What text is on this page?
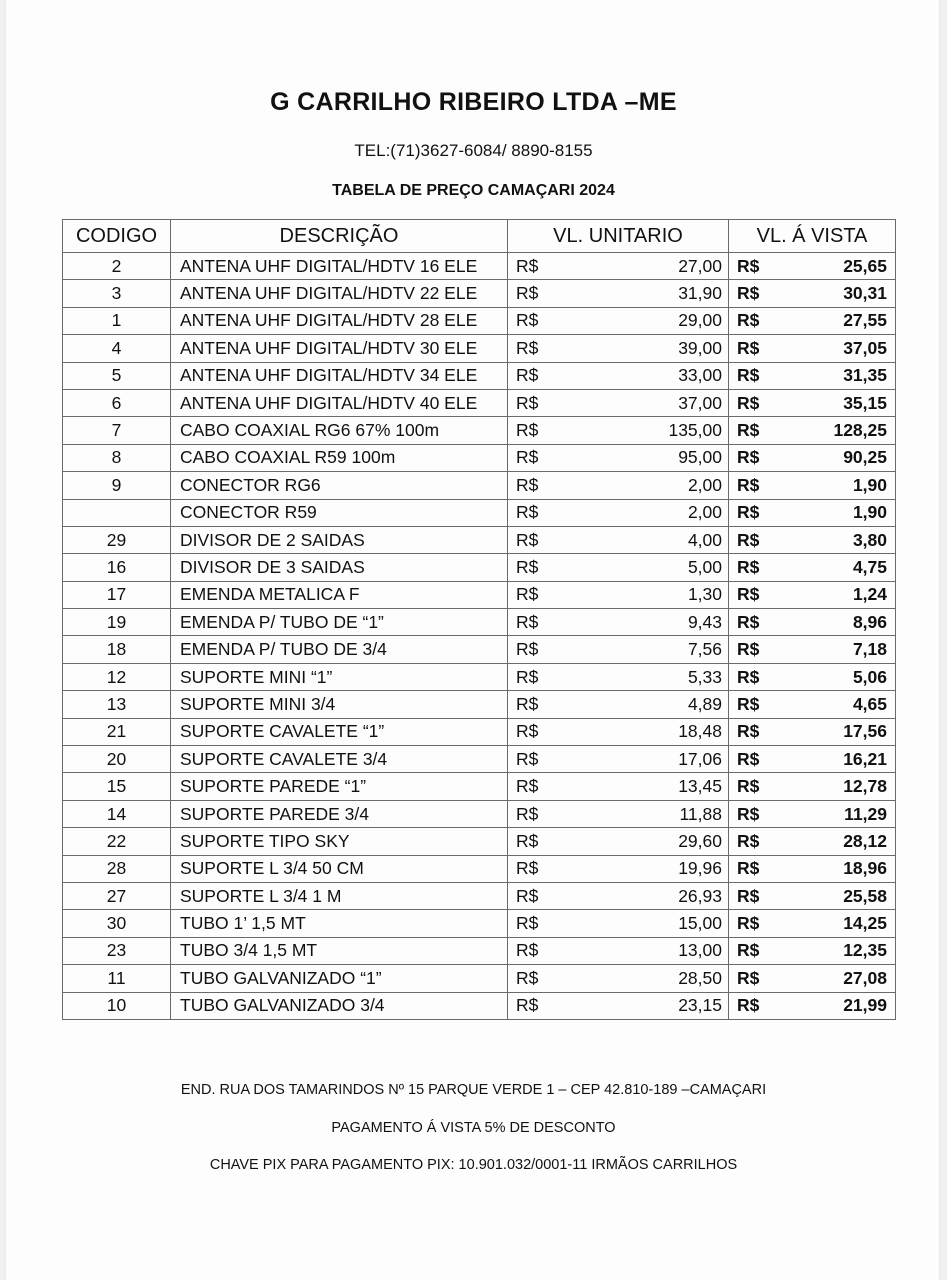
G CARRILHO RIBEIRO LTDA –ME
TEL:(71)3627-6084/ 8890-8155
TABELA DE PREÇO CAMAÇARI 2024
CODIGO	DESCRIÇÃO	VL. UNITARIO	VL. Á VISTA
2	ANTENA UHF DIGITAL/HDTV 16 ELE	R$ 27,00	R$ 25,65

3	ANTENA UHF DIGITAL/HDTV 22 ELE	R$ 31,90	R$ 30,31

1	ANTENA UHF DIGITAL/HDTV 28 ELE	R$ 29,00	R$ 27,55

4	ANTENA UHF DIGITAL/HDTV 30 ELE	R$ 39,00	R$ 37,05

5	ANTENA UHF DIGITAL/HDTV 34 ELE	R$ 33,00	R$ 31,35

6	ANTENA UHF DIGITAL/HDTV 40 ELE	R$ 37,00	R$ 35,15

7	CABO COAXIAL RG6 67% 100m	R$ 135,00	R$ 128,25

8	CABO COAXIAL R59 100m	R$ 95,00	R$ 90,25

9	CONECTOR RG6	R$ 2,00	R$ 1,90

	CONECTOR R59	R$ 2,00	R$ 1,90

29	DIVISOR DE 2 SAIDAS	R$ 4,00	R$ 3,80

16	DIVISOR DE 3 SAIDAS	R$ 5,00	R$ 4,75

17	EMENDA METALICA F	R$ 1,30	R$ 1,24

19	EMENDA P/ TUBO DE “1”	R$ 9,43	R$ 8,96

18	EMENDA P/ TUBO DE 3/4	R$ 7,56	R$ 7,18

12	SUPORTE MINI “1”	R$ 5,33	R$ 5,06

13	SUPORTE MINI 3/4	R$ 4,89	R$ 4,65

21	SUPORTE CAVALETE “1”	R$ 18,48	R$ 17,56

20	SUPORTE CAVALETE 3/4	R$ 17,06	R$ 16,21

15	SUPORTE PAREDE “1”	R$ 13,45	R$ 12,78

14	SUPORTE PAREDE 3/4	R$ 11,88	R$ 11,29

22	SUPORTE TIPO SKY	R$ 29,60	R$ 28,12

28	SUPORTE L 3/4 50 CM	R$ 19,96	R$ 18,96

27	SUPORTE L 3/4 1 M	R$ 26,93	R$ 25,58

30	TUBO 1’ 1,5 MT	R$ 15,00	R$ 14,25

23	TUBO 3/4 1,5 MT	R$ 13,00	R$ 12,35

11	TUBO GALVANIZADO “1”	R$ 28,50	R$ 27,08

10	TUBO GALVANIZADO 3/4	R$ 23,15	R$ 21,99
END. RUA DOS TAMARINDOS Nº 15 PARQUE VERDE 1 – CEP 42.810-189 –CAMAÇARI
PAGAMENTO Á VISTA 5% DE DESCONTO
CHAVE PIX PARA PAGAMENTO PIX: 10.901.032/0001-11 IRMÃOS CARRILHOS
